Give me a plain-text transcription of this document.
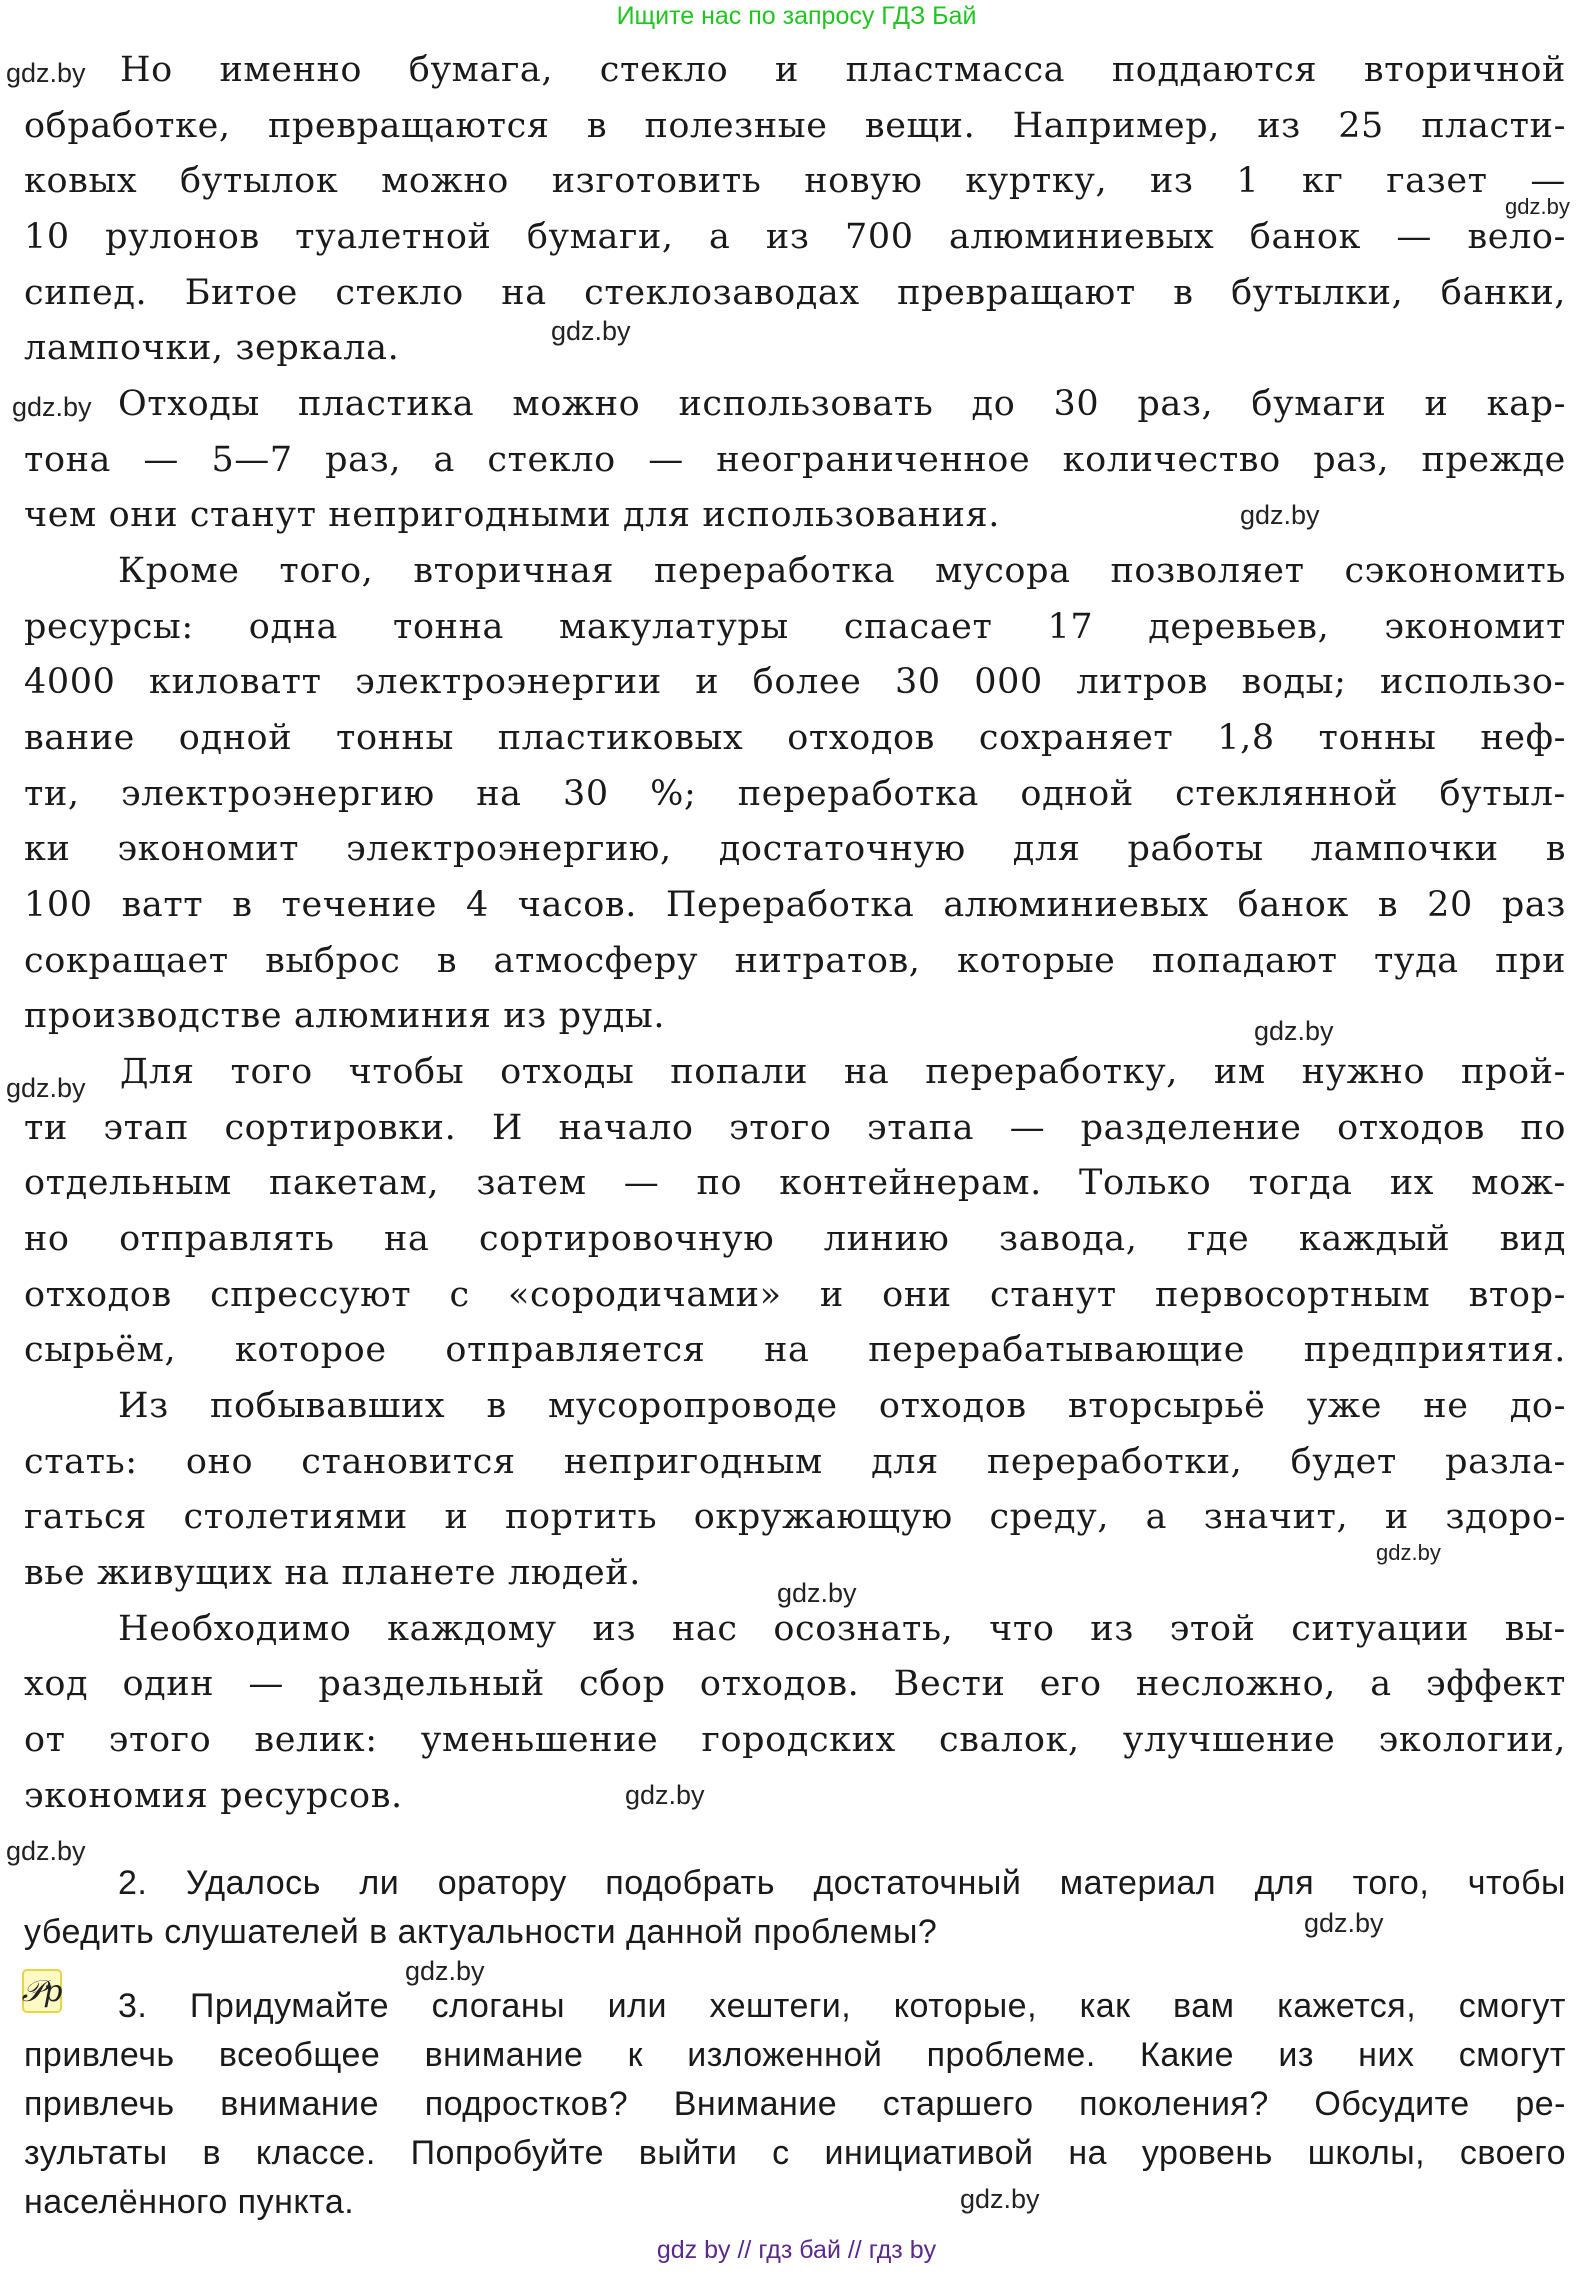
Ищите нас по запросу ГДЗ Бай
Но именно бумага, стекло и пластмасса поддаются вторичной
обработке, превращаются в полезные вещи. Например, из 25 пласти-
ковых бутылок можно изготовить новую куртку, из 1 кг газет —
10 рулонов туалетной бумаги, а из 700 алюминиевых банок — вело-
сипед. Битое стекло на стеклозаводах превращают в бутылки, банки,
лампочки, зеркала.
Отходы пластика можно использовать до 30 раз, бумаги и кар-
тона — 5—7 раз, а стекло — неограниченное количество раз, прежде
чем они станут непригодными для использования.
Кроме того, вторичная переработка мусора позволяет сэкономить
ресурсы: одна тонна макулатуры спасает 17 деревьев, экономит
4000 киловатт электроэнергии и более 30 000 литров воды; использо-
вание одной тонны пластиковых отходов сохраняет 1,8 тонны неф-
ти, электроэнергию на 30 %; переработка одной стеклянной бутыл-
ки экономит электроэнергию, достаточную для работы лампочки в
100 ватт в течение 4 часов. Переработка алюминиевых банок в 20 раз
сокращает выброс в атмосферу нитратов, которые попадают туда при
производстве алюминия из руды.
Для того чтобы отходы попали на переработку, им нужно прой-
ти этап сортировки. И начало этого этапа — разделение отходов по
отдельным пакетам, затем — по контейнерам. Только тогда их мож-
но отправлять на сортировочную линию завода, где каждый вид
отходов спрессуют с «сородичами» и они станут первосортным втор-
сырьём, которое отправляется на перерабатывающие предприятия.
Из побывавших в мусоропроводе отходов вторсырьё уже не до-
стать: оно становится непригодным для переработки, будет разла-
гаться столетиями и портить окружающую среду, а значит, и здоро-
вье живущих на планете людей.
Необходимо каждому из нас осознать, что из этой ситуации вы-
ход один — раздельный сбор отходов. Вести его несложно, а эффект
от этого велик: уменьшение городских свалок, улучшение экологии,
экономия ресурсов.
2. Удалось ли оратору подобрать достаточный материал для того, чтобы
убедить слушателей в актуальности данной проблемы?
𝒫p	3. Придумайте слоганы или хештеги, которые, как вам кажется, смогут
привлечь всеобщее внимание к изложенной проблеме. Какие из них смогут
привлечь внимание подростков? Внимание старшего поколения? Обсудите ре-
зультаты в классе. Попробуйте выйти с инициативой на уровень школы, своего
населённого пункта.
gdz.by
gdz.by
gdz.by
gdz.by
gdz.by
gdz.by
gdz.by
gdz.by
gdz.by
gdz.by
gdz.by
gdz.by
gdz.by
gdz.by
gdz by // гдз бай // гдз by
